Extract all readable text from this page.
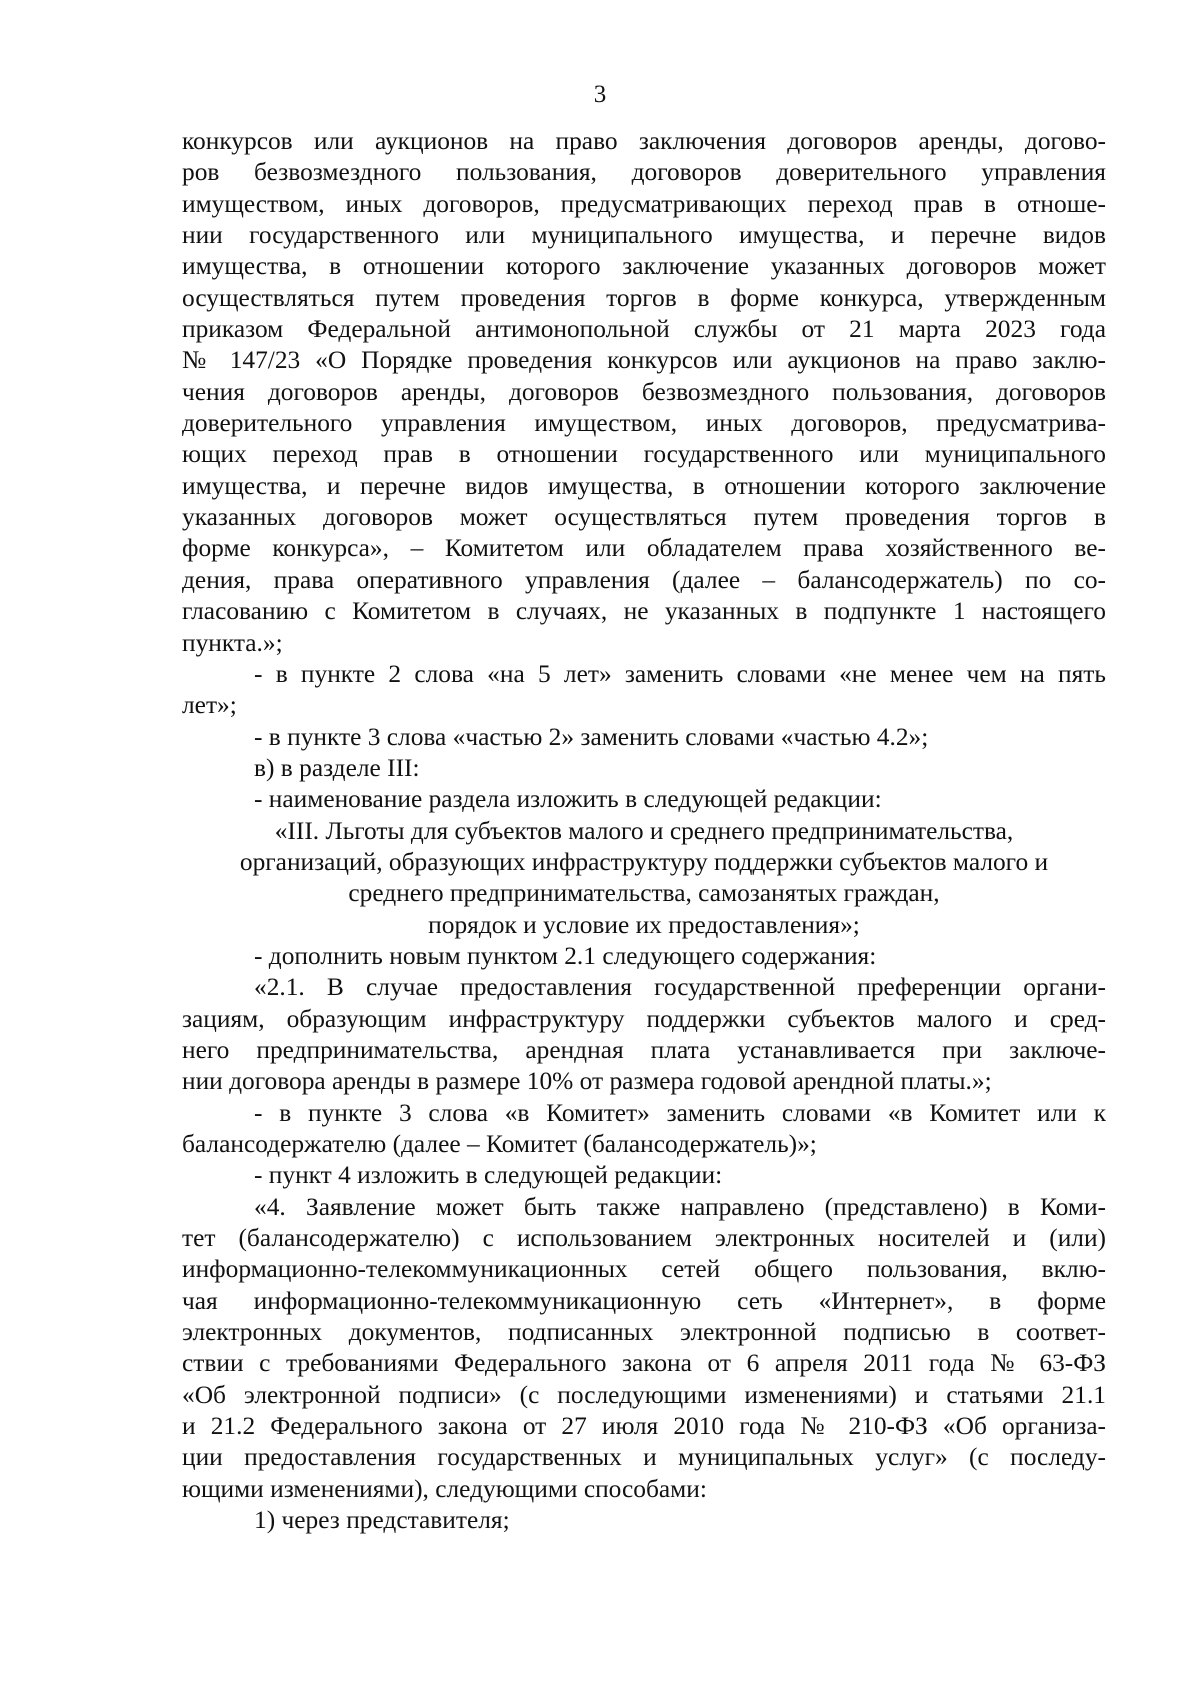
3

конкурсов или аукционов на право заключения договоров аренды, догово-
ров безвозмездного пользования, договоров доверительного управления
имуществом, иных договоров, предусматривающих переход прав в отноше-
нии государственного или муниципального имущества, и перечне видов
имущества, в отношении которого заключение указанных договоров может
осуществляться путем проведения торгов в форме конкурса, утвержденным
приказом Федеральной антимонопольной службы от 21 марта 2023 года
№ 147/23 «О Порядке проведения конкурсов или аукционов на право заклю-
чения договоров аренды, договоров безвозмездного пользования, договоров
доверительного управления имуществом, иных договоров, предусматрива-
ющих переход прав в отношении государственного или муниципального
имущества, и перечне видов имущества, в отношении которого заключение
указанных договоров может осуществляться путем проведения торгов в
форме конкурса», – Комитетом или обладателем права хозяйственного ве-
дения, права оперативного управления (далее – балансодержатель) по со-
гласованию с Комитетом в случаях, не указанных в подпункте 1 настоящего
пункта.»;

- в пункте 2 слова «на 5 лет» заменить словами «не менее чем на пять
лет»;

- в пункте 3 слова «частью 2» заменить словами «частью 4.2»;

в) в разделе III:

- наименование раздела изложить в следующей редакции:

«III. Льготы для субъектов малого и среднего предпринимательства,
организаций, образующих инфраструктуру поддержки субъектов малого и
среднего предпринимательства, самозанятых граждан,
порядок и условие их предоставления»;

- дополнить новым пунктом 2.1 следующего содержания:

«2.1. В случае предоставления государственной преференции органи-
зациям, образующим инфраструктуру поддержки субъектов малого и сред-
него предпринимательства, арендная плата устанавливается при заключе-
нии договора аренды в размере 10% от размера годовой арендной платы.»;

- в пункте 3 слова «в Комитет» заменить словами «в Комитет или к
балансодержателю (далее – Комитет (балансодержатель)»;

- пункт 4 изложить в следующей редакции:

«4. Заявление может быть также направлено (представлено) в Коми-
тет (балансодержателю) с использованием электронных носителей и (или)
информационно-телекоммуникационных сетей общего пользования, вклю-
чая информационно-телекоммуникационную сеть «Интернет», в форме
электронных документов, подписанных электронной подписью в соответ-
ствии с требованиями Федерального закона от 6 апреля 2011 года № 63-ФЗ
«Об электронной подписи» (с последующими изменениями) и статьями 21.1
и 21.2 Федерального закона от 27 июля 2010 года № 210-ФЗ «Об организа-
ции предоставления государственных и муниципальных услуг» (с последу-
ющими изменениями), следующими способами:

1) через представителя;
